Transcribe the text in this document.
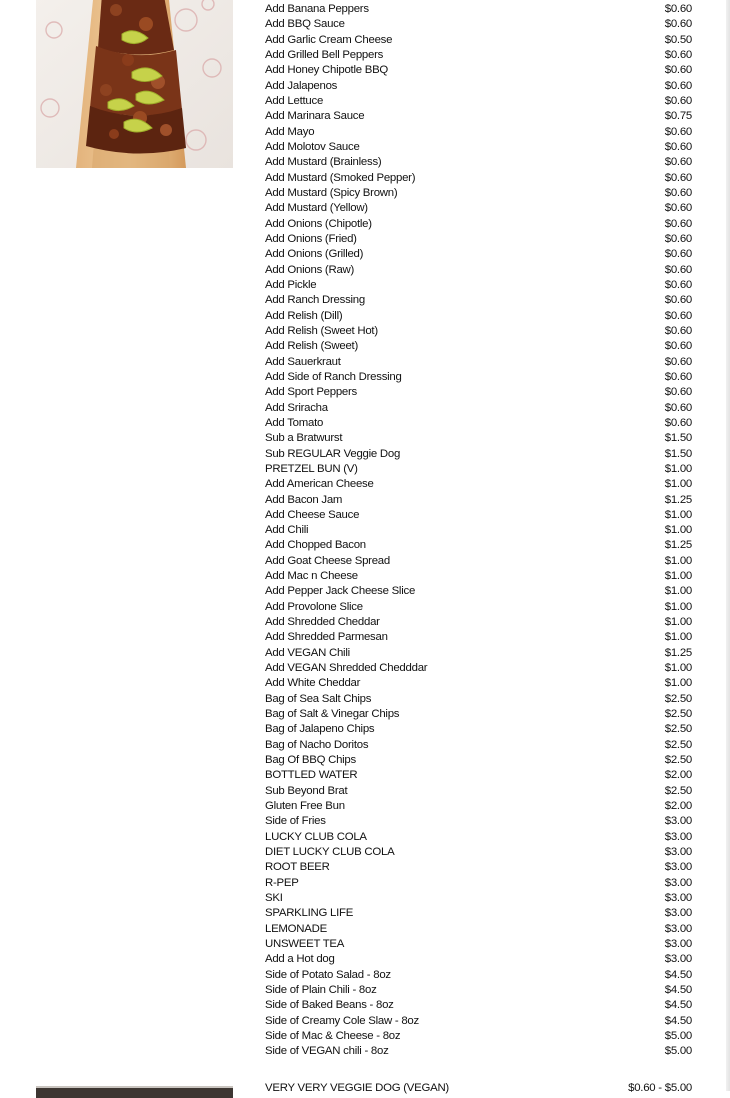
Add Banana Peppers	$0.60
Add BBQ Sauce	$0.60
Add Garlic Cream Cheese	$0.50
Add Grilled Bell Peppers	$0.60
Add Honey Chipotle BBQ	$0.60
Add Jalapenos	$0.60
Add Lettuce	$0.60
Add Marinara Sauce	$0.75
Add Mayo	$0.60
Add Molotov Sauce	$0.60
Add Mustard (Brainless)	$0.60
Add Mustard (Smoked Pepper)	$0.60
Add Mustard (Spicy Brown)	$0.60
Add Mustard (Yellow)	$0.60
Add Onions (Chipotle)	$0.60
Add Onions (Fried)	$0.60
Add Onions (Grilled)	$0.60
Add Onions (Raw)	$0.60
Add Pickle	$0.60
Add Ranch Dressing	$0.60
Add Relish (Dill)	$0.60
Add Relish (Sweet Hot)	$0.60
Add Relish (Sweet)	$0.60
Add Sauerkraut	$0.60
Add Side of Ranch Dressing	$0.60
Add Sport Peppers	$0.60
Add Sriracha	$0.60
Add Tomato	$0.60
Sub a Bratwurst	$1.50
Sub REGULAR Veggie Dog	$1.50
PRETZEL BUN (V)	$1.00
Add American Cheese	$1.00
Add Bacon Jam	$1.25
Add Cheese Sauce	$1.00
Add Chili	$1.00
Add Chopped Bacon	$1.25
Add Goat Cheese Spread	$1.00
Add Mac n Cheese	$1.00
Add Pepper Jack Cheese Slice	$1.00
Add Provolone Slice	$1.00
Add Shredded Cheddar	$1.00
Add Shredded Parmesan	$1.00
Add VEGAN Chili	$1.25
Add VEGAN Shredded Chedddar	$1.00
Add White Cheddar	$1.00
Bag of Sea Salt Chips	$2.50
Bag of Salt & Vinegar Chips	$2.50
Bag of Jalapeno Chips	$2.50
Bag of Nacho Doritos	$2.50
Bag Of BBQ Chips	$2.50
BOTTLED WATER	$2.00
Sub Beyond Brat	$2.50
Gluten Free Bun	$2.00
Side of Fries	$3.00
LUCKY CLUB COLA	$3.00
DIET LUCKY CLUB COLA	$3.00
ROOT BEER	$3.00
R-PEP	$3.00
SKI	$3.00
SPARKLING LIFE	$3.00
LEMONADE	$3.00
UNSWEET TEA	$3.00
Add a Hot dog	$3.00
Side of Potato Salad - 8oz	$4.50
Side of Plain Chili - 8oz	$4.50
Side of Baked Beans - 8oz	$4.50
Side of Creamy Cole Slaw - 8oz	$4.50
Side of Mac & Cheese - 8oz	$5.00
Side of VEGAN chili - 8oz	$5.00
VERY VERY VEGGIE DOG (VEGAN)	$0.60 - $5.00
